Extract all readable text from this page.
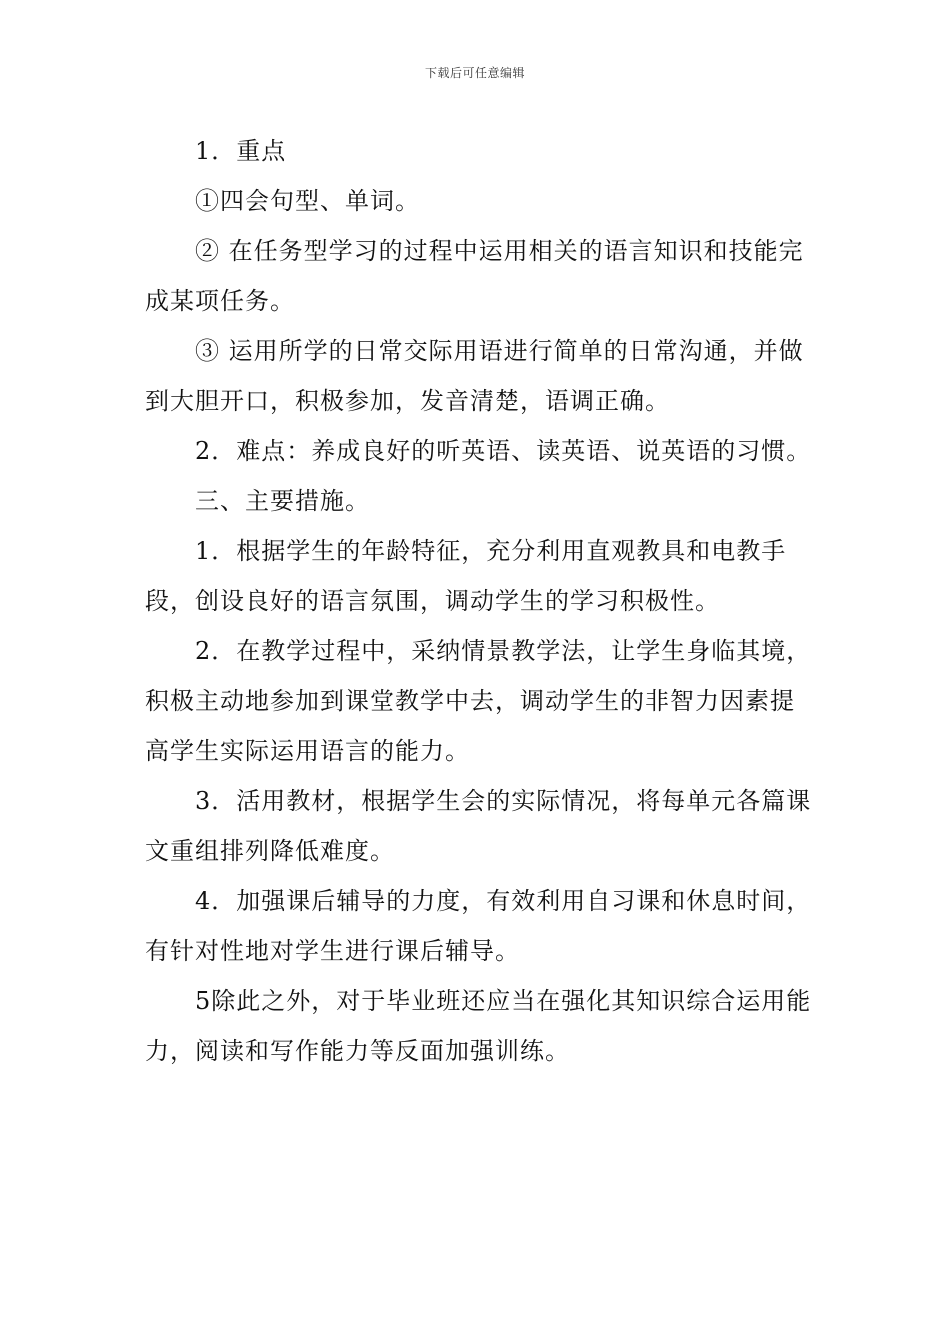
下载后可任意编辑

1．重点

①四会句型、单词。

② 在任务型学习的过程中运用相关的语言知识和技能完成某项任务。

③ 运用所学的日常交际用语进行简单的日常沟通，并做到大胆开口，积极参加，发音清楚，语调正确。

2．难点：养成良好的听英语、读英语、说英语的习惯。

三、主要措施。

1．根据学生的年龄特征，充分利用直观教具和电教手段，创设良好的语言氛围，调动学生的学习积极性。

2．在教学过程中，采纳情景教学法，让学生身临其境，积极主动地参加到课堂教学中去，调动学生的非智力因素提高学生实际运用语言的能力。

3．活用教材，根据学生会的实际情况，将每单元各篇课文重组排列降低难度。

4．加强课后辅导的力度，有效利用自习课和休息时间，有针对性地对学生进行课后辅导。

5除此之外，对于毕业班还应当在强化其知识综合运用能力，阅读和写作能力等反面加强训练。
